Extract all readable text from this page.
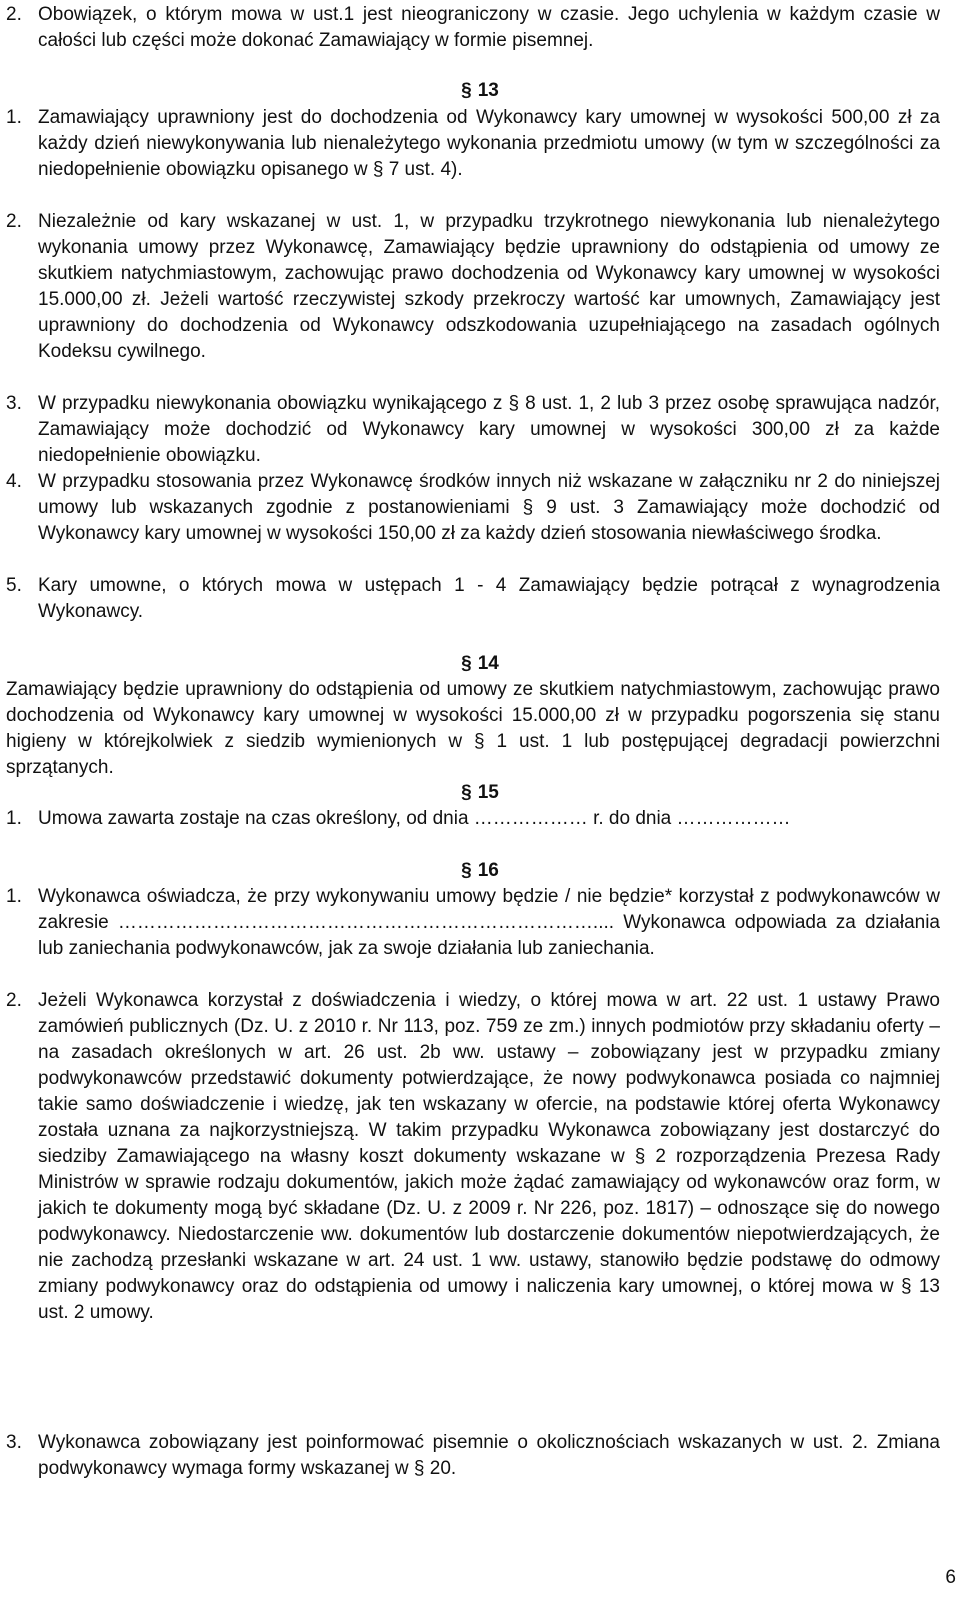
2. Obowiązek, o którym mowa w ust.1 jest nieograniczony w czasie. Jego uchylenia w każdym czasie w całości lub części może dokonać Zamawiający w formie pisemnej.
§ 13
1. Zamawiający uprawniony jest do dochodzenia od Wykonawcy kary umownej w wysokości 500,00 zł za każdy dzień niewykonywania lub nienależytego wykonania przedmiotu umowy (w tym w szczególności za niedopełnienie obowiązku opisanego w § 7 ust. 4).
2. Niezależnie od kary wskazanej w ust. 1, w przypadku trzykrotnego niewykonania lub nienależytego wykonania umowy przez Wykonawcę, Zamawiający będzie uprawniony do odstąpienia od umowy ze skutkiem natychmiastowym, zachowując prawo dochodzenia od Wykonawcy kary umownej w wysokości 15.000,00 zł. Jeżeli wartość rzeczywistej szkody przekroczy wartość kar umownych, Zamawiający jest uprawniony do dochodzenia od Wykonawcy odszkodowania uzupełniającego na zasadach ogólnych Kodeksu cywilnego.
3. W przypadku niewykonania obowiązku wynikającego z § 8 ust. 1, 2 lub 3 przez osobę sprawująca nadzór, Zamawiający może dochodzić od Wykonawcy kary umownej w wysokości 300,00 zł za każde niedopełnienie obowiązku.
4. W przypadku stosowania przez Wykonawcę środków innych niż wskazane w załączniku nr 2 do niniejszej umowy lub wskazanych zgodnie z postanowieniami § 9 ust. 3 Zamawiający może dochodzić od Wykonawcy kary umownej w wysokości 150,00 zł za każdy dzień stosowania niewłaściwego środka.
5. Kary umowne, o których mowa w ustępach 1 - 4 Zamawiający będzie potrącał z wynagrodzenia Wykonawcy.
§ 14
Zamawiający będzie uprawniony do odstąpienia od umowy ze skutkiem natychmiastowym, zachowując prawo dochodzenia od Wykonawcy kary umownej w wysokości 15.000,00 zł w przypadku pogorszenia się stanu higieny w którejkolwiek z siedzib wymienionych w § 1 ust. 1 lub postępującej degradacji powierzchni sprzątanych.
§ 15
1. Umowa zawarta zostaje na czas określony, od dnia ……………… r. do dnia ………………
§ 16
1. Wykonawca oświadcza, że przy wykonywaniu umowy będzie / nie będzie* korzystał z podwykonawców w zakresie ………………………………………………………………….... Wykonawca odpowiada za działania lub zaniechania podwykonawców, jak za swoje działania lub zaniechania.
2. Jeżeli Wykonawca korzystał z doświadczenia i wiedzy, o której mowa w art. 22 ust. 1 ustawy Prawo zamówień publicznych (Dz. U. z 2010 r. Nr 113, poz. 759 ze zm.) innych podmiotów przy składaniu oferty – na zasadach określonych w art. 26 ust. 2b ww. ustawy – zobowiązany jest w przypadku zmiany podwykonawców przedstawić dokumenty potwierdzające, że nowy podwykonawca posiada co najmniej takie samo doświadczenie i wiedzę, jak ten wskazany w ofercie, na podstawie której oferta Wykonawcy została uznana za najkorzystniejszą. W takim przypadku Wykonawca zobowiązany jest dostarczyć do siedziby Zamawiającego na własny koszt dokumenty wskazane w § 2 rozporządzenia Prezesa Rady Ministrów w sprawie rodzaju dokumentów, jakich może żądać zamawiający od wykonawców oraz form, w jakich te dokumenty mogą być składane (Dz. U. z 2009 r. Nr 226, poz. 1817) – odnoszące się do nowego podwykonawcy. Niedostarczenie ww. dokumentów lub dostarczenie dokumentów niepotwierdzających, że nie zachodzą przesłanki wskazane w art. 24 ust. 1 ww. ustawy, stanowiło będzie podstawę do odmowy zmiany podwykonawcy oraz do odstąpienia od umowy i naliczenia kary umownej, o której mowa w § 13 ust. 2 umowy.
3. Wykonawca zobowiązany jest poinformować pisemnie o okolicznościach wskazanych w ust. 2. Zmiana podwykonawcy wymaga formy wskazanej w § 20.
6
